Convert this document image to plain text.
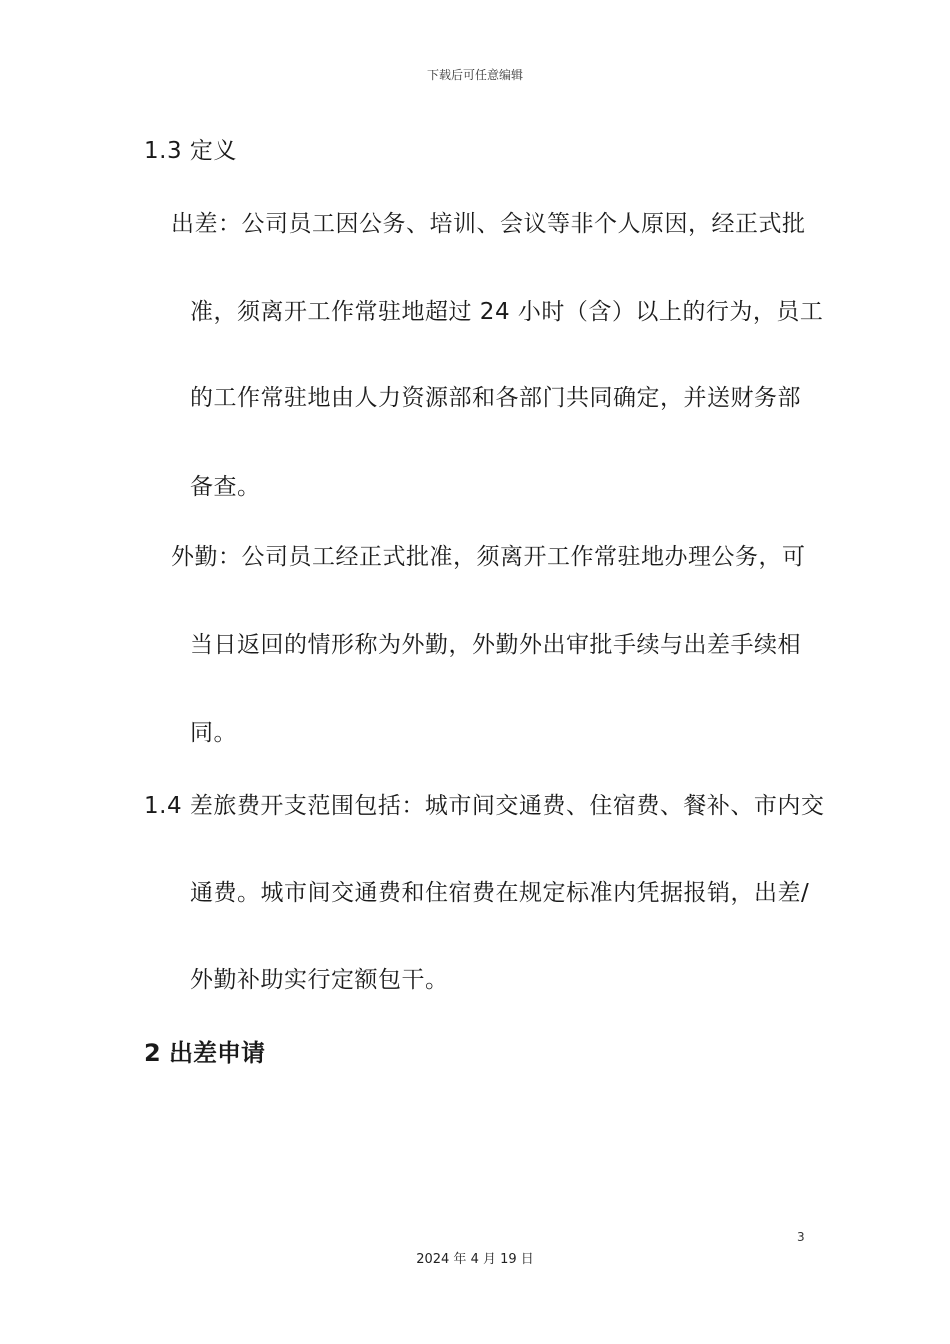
下载后可任意编辑
1.3 定义
出差：公司员工因公务、培训、会议等非个人原因，经正式批
准，须离开工作常驻地超过 24 小时（含）以上的行为，员工
的工作常驻地由人力资源部和各部门共同确定，并送财务部
备查。
外勤：公司员工经正式批准，须离开工作常驻地办理公务，可
当日返回的情形称为外勤，外勤外出审批手续与出差手续相
同。
1.4 差旅费开支范围包括：城市间交通费、住宿费、餐补、市内交
通费。城市间交通费和住宿费在规定标准内凭据报销，出差/
外勤补助实行定额包干。
2 出差申请
3
2024 年 4 月 19 日
